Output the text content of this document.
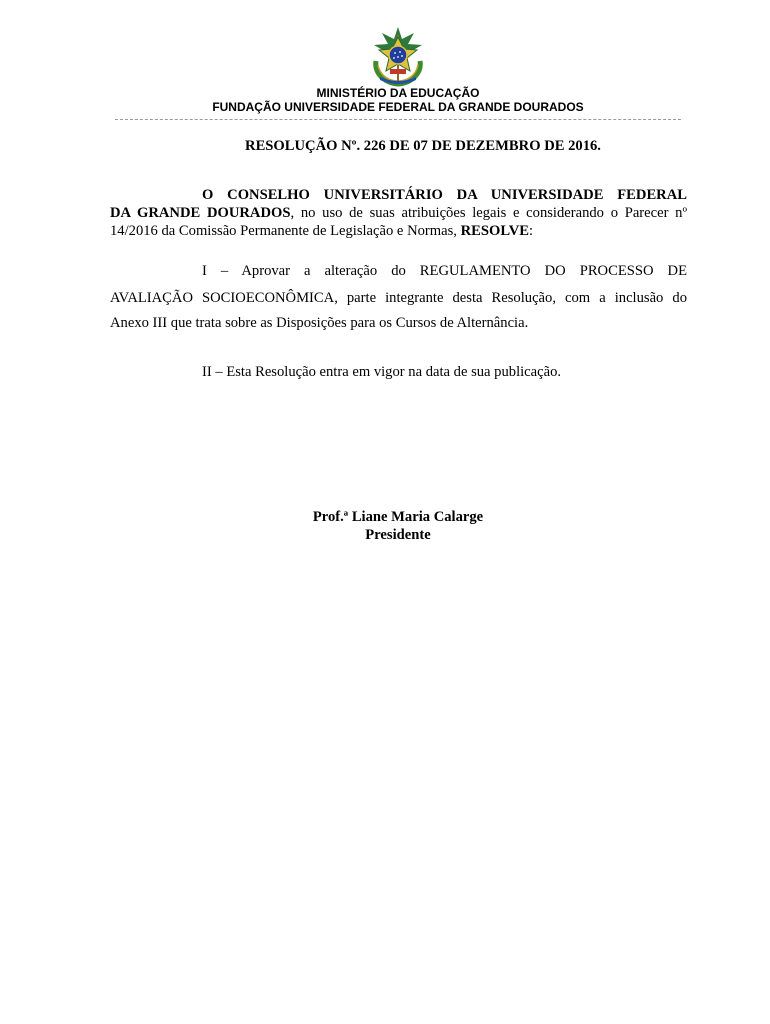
MINISTÉRIO DA EDUCAÇÃO
FUNDAÇÃO UNIVERSIDADE FEDERAL DA GRANDE DOURADOS
RESOLUÇÃO Nº. 226 DE 07 DE DEZEMBRO DE 2016.
O CONSELHO UNIVERSITÁRIO DA UNIVERSIDADE FEDERAL
DA GRANDE DOURADOS, no uso de suas atribuições legais e considerando o Parecer nº
14/2016 da Comissão Permanente de Legislação e Normas, RESOLVE:
I – Aprovar a alteração do REGULAMENTO DO PROCESSO DE
AVALIAÇÃO SOCIOECONÔMICA, parte integrante desta Resolução, com a inclusão do
Anexo III que trata sobre as Disposições para os Cursos de Alternância.
II – Esta Resolução entra em vigor na data de sua publicação.
Prof.ª Liane Maria Calarge
Presidente
